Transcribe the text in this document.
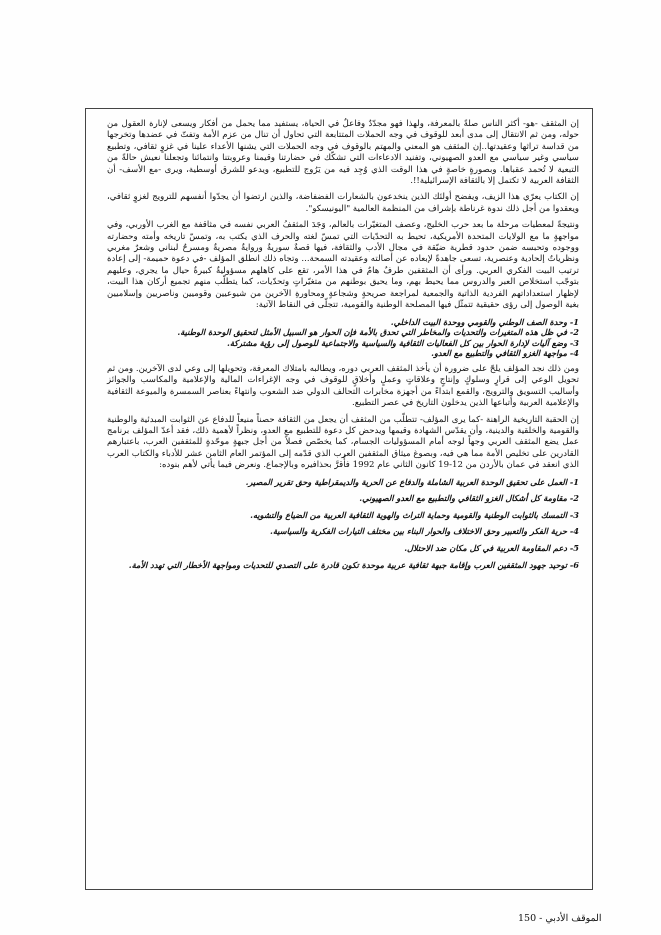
إن المثقف -هو- أكثر الناس صلةً بالمعرفة، ولهذا فهو مجدّدٌ وفاعلٌ في الحياة، يستفيد مما يحمل من أفكار ويسعى لإنارة العقول من حوله، ومن ثم الانتقال إلى مدى أبعد للوقوف في وجه الحملات المتتابعة التي تحاول أن تنال من عزم الأمة وتفتّ في عضدها وتخرجها من قداسة تراثها وعقيدتها..إن المثقف هو المعني والمهتم بالوقوف في وجه الحملات التي يشنها الأعداء علينا في غزوٍ ثقافي، وتطبيع سياسي وغير سياسي مع العدو الصهيوني، وتفنيد الادعاءات التي تشكّك في حضارتنا وقيمنا وعروبتنا وانتمائنا وتجعلنا نعيش حالةً من التبعية لا تُحمد عقباها. وبصورةٍ خاصةٍ في هذا الوقت الذي وُجِد فيه من يَرُوج للتطبيع، ويدعو للشرق أوسطية، ويرى -مع الأسف- أن الثقافة العربية لا تكتمل إلا بالثقافة الإسرائيلية!!.

إن الكتاب يعرّي هذا الزيف، ويفضح أولئك الذين ينخدعون بالشعارات الفضفاضة، والذين ارتضوا أن يجدّوا أنفسهم للترويج لغزوٍ ثقافي، ويعقدوا من أجل ذلك ندوة غرناطة بإشراف من المنظمة العالمية "اليونيسكو".

ونتيجةً لمعطيات مرحلة ما بعد حرب الخليج، وعصف المتغيّرات بالعالم، وَجَدَ المثقفُ العربي نفسه في مثاقفة مع الغرب الأوربي، وفي مواجهةٍ ما مع الولايات المتحدة الأمريكية، تحيط به التحدّيات التي تمسّ لغته والحرف الذي يكتب به، وتمسّ تاريخه وأمته وحضارته ووجوده وتحبسه ضمن حدود قطرية ضيّقة في مجال الأدب والثقافة، فيها قصةٌ سوريةٌ وروايةٌ مصريةٌ ومسرحٌ لبناني وشعرٌ مغربي ونظرياتٌ إلحادية وعنصرية، تسعى جاهدةً لإبعاده عن أصالته وعقيدته السمحة... وتجاه ذلك انطلق المؤلف -في دعوة حميمة- إلى إعادة ترتيب البيت الفكري العربي. ورأى أن المثقفين طرفٌ هامٌ في هذا الأمر، تقع على كاهلهم مسؤوليةٌ كبيرةٌ حيال ما يجري، وعليهم بتوجّب استخلاص العبر والدروس مما يحيط بهم، وما يحيق بوطنهم من متغيّراتٍ وتحدّيات، كما يتطلّب منهم تجميع أركان هذا البيت، لإظهار استعداداتهم الفردية الذاتية والجمعية لمراجعة صريحةٍ وشجاعةٍ ومحاورةِ الآخرين من شيوعيين وقوميين وناصريين وإسلاميين بغية الوصول إلى رؤى حقيقية تتمثّل فيها المصلحة الوطنية والقومية، تتجلّى في النقاط الآتية:

1- وحدة الصف الوطني والقومي ووحدة البيت الداخلي.

2- في ظل هذه المتغيرات والتحديات والمخاطر التي تحدق بالأمة فإن الحوار هو السبيل الأمثل لتحقيق الوحدة الوطنية.

3- وضع آليات لإدارة الحوار بين كل الفعاليات الثقافية والسياسية والاجتماعية للوصول إلى رؤية مشتركة.

4- مواجهة الغزو الثقافي والتطبيع مع العدو.

ومن ذلك نجد المؤلف يلحّ على ضرورة أن يأخذ المثقف العربي دوره، ويطالبه بامتلاك المعرفة، وتحويلها إلى وعي لدى الآخرين. ومن ثم تحويل الوعي إلى قرارٍ وسلوكٍ وإنتاجٍ وعلاقاتٍ وعملٍ وأخلاقٍ للوقوف في وجه الإغراءات المالية والإعلامية والمكاسب والجوائز وأساليب التسويق والترويج، والقمع ابتداءً من أجهزة مخابرات التحالف الدولي ضد الشعوب وانتهاءً بعناصر السمسرة والميوعة الثقافية والإعلامية العربية وأتباعها الذين يدخلون التاريخ في عصر التطبيع.

إن الحقبة التاريخية الراهنة -كما يرى المؤلف- تتطلّب من المثقف أن يجعل من الثقافة حصناً منيعاً للدفاع عن الثوابت المبدئية والوطنية والقومية والخلقية والدينية، وأن يقدّس الشهادة وقيمها ويدحض كل دعوة للتطبيع مع العدو، ونظراً لأهمية ذلك، فقد أعدّ المؤلف برنامج عمل يضع المثقف العربي وجهاً لوجه أمام المسؤوليات الجسام، كما يخصّص فصلاً من أجل جبهةٍ موحّدةٍ للمثقفين العرب، باعتبارهم القادرين على تخليص الأمة مما هي فيه، وبصوغ ميثاق المثقفين العرب الذي قدّمه إلى المؤتمر العام الثامن عشر للأدباء والكتاب العرب الذي انعقد في عمان بالأردن من 12-19 كانون الثاني عام 1992 فأُقرَّ بحذافيره وبالإجماع. ونعرض فيما يأتي لأهم بنوده:

1- العمل على تحقيق الوحدة العربية الشاملة والدفاع عن الحرية والديمقراطية وحق تقرير المصير.

2- مقاومة كل أشكال الغزو الثقافي والتطبيع مع العدو الصهيوني.

3- التمسك بالثوابت الوطنية والقومية وحماية التراث والهوية الثقافية العربية من الضياع والتشويه.

4- حرية الفكر والتعبير وحق الاختلاف والحوار البناء بين مختلف التيارات الفكرية والسياسية.

5- دعم المقاومة العربية في كل مكان ضد الاحتلال.

6- توحيد جهود المثقفين العرب وإقامة جبهة ثقافية عربية موحدة تكون قادرة على التصدي للتحديات ومواجهة الأخطار التي تهدد الأمة.

الموقف الأدبي - 150
